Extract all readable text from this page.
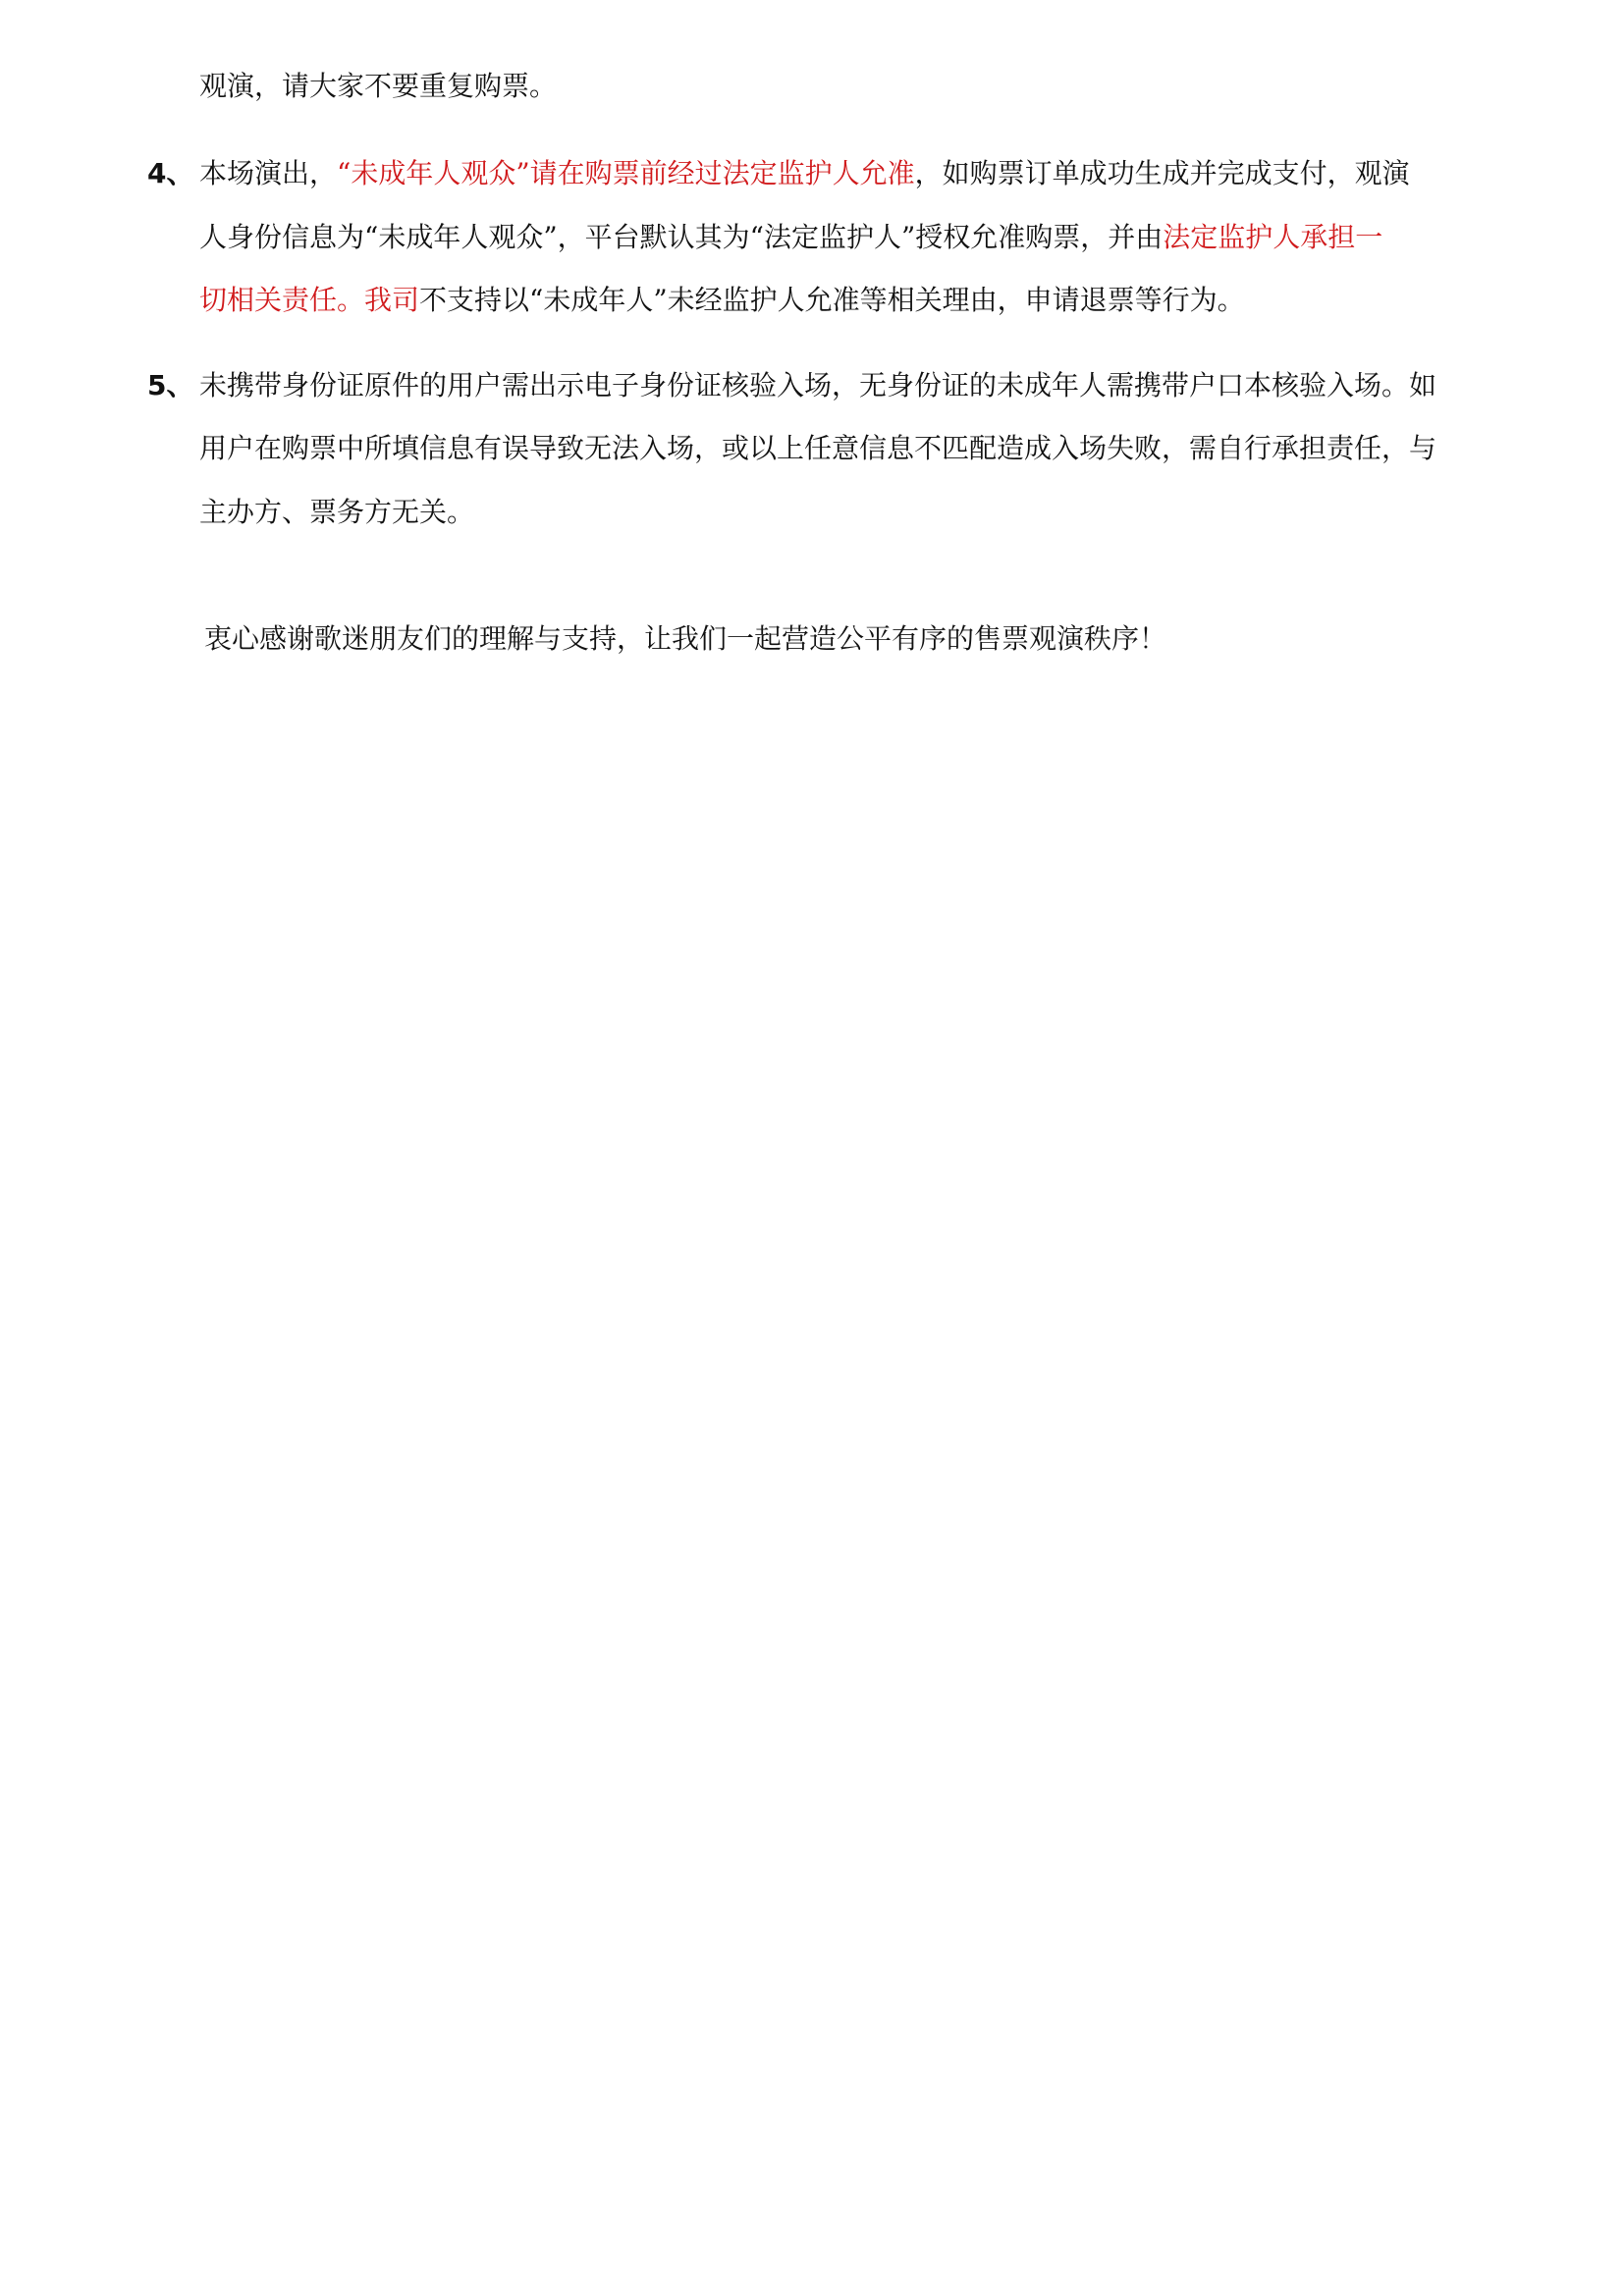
观演，请大家不要重复购票。
4、 本场演出，“未成年人观众”请在购票前经过法定监护人允准，如购票订单成功生成并完成支付，观演
人身份信息为“未成年人观众”，平台默认其为“法定监护人”授权允准购票，并由法定监护人承担一
切相关责任。我司不支持以“未成年人”未经监护人允准等相关理由，申请退票等行为。
5、 未携带身份证原件的用户需出示电子身份证核验入场，无身份证的未成年人需携带户口本核验入场。如
用户在购票中所填信息有误导致无法入场，或以上任意信息不匹配造成入场失败，需自行承担责任，与
主办方、票务方无关。
衷心感谢歌迷朋友们的理解与支持，让我们一起营造公平有序的售票观演秩序！
